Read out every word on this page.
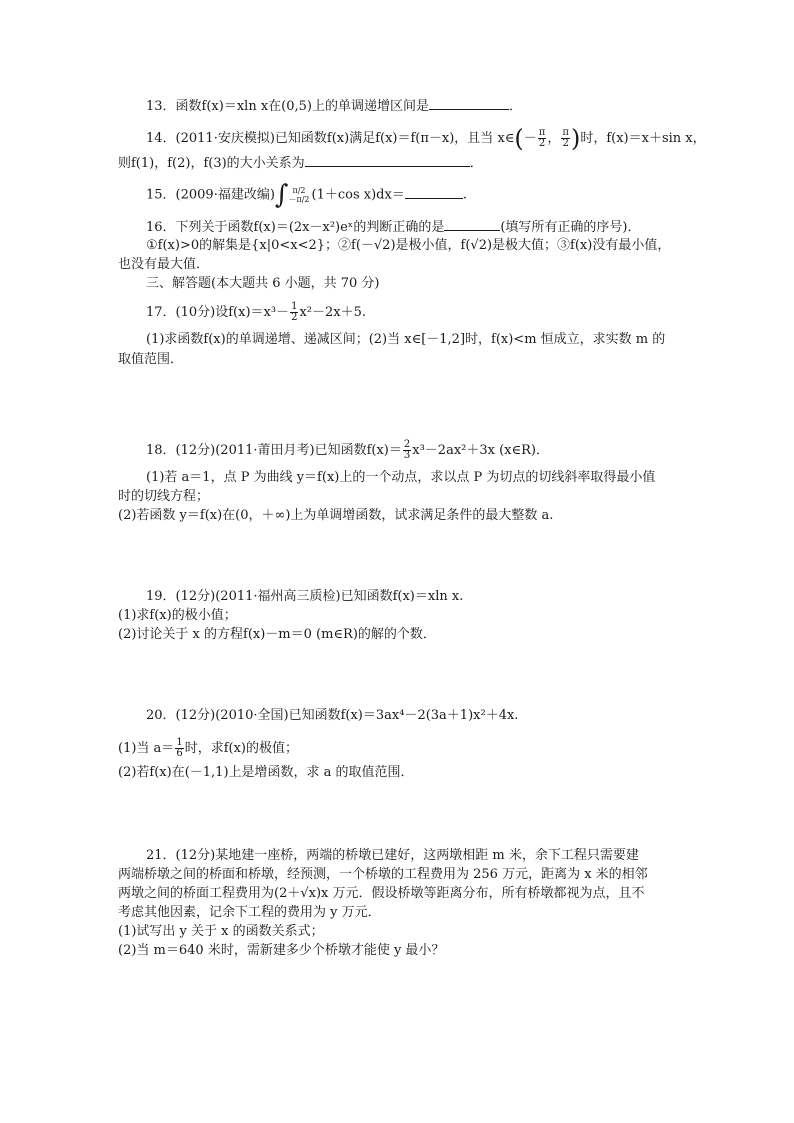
13．函数f(x)＝xln x在(0,5)上的单调递增区间是	．
14．(2011·安庆模拟)已知函数f(x)满足f(x)＝f(π－x)，且当 x∈(－ $\frac{\pi}{2}$ ， $\frac{\pi}{2}$ )时，f(x)＝x＋sin x，
则f(1)，f(2)，f(3)的大小关系为	．
15．(2009·福建改编)∫ π/2
－π/2 (1＋cos x)dx＝	.
16．下列关于函数f(x)＝(2x－x²)eˣ的判断正确的是	(填写所有正确的序号)．
①f(x)>0的解集是{x|0<x<2}；②f(－√2)是极小值，f(√2)是极大值；③f(x)没有最小值，
也没有最大值．
三、解答题(本大题共 6 小题，共 70 分)
17．(10分)设$f(x)=x^3- \frac{1}{2} x^2-2x+5$.
(1)求函数f(x)的单调递增、递减区间；(2)当 x∈[－1,2]时，f(x)<m 恒成立，求实数 m 的
取值范围．
18．(12分)(2011·莆田月考)已知函数$f(x)= \frac{2}{3} x^3-2ax^2+3x$ (x∈R)．
(1)若 a＝1，点 P 为曲线 y＝f(x)上的一个动点，求以点 P 为切点的切线斜率取得最小值
时的切线方程；
(2)若函数 y＝f(x)在(0，＋∞)上为单调增函数，试求满足条件的最大整数 a.
19．(12分)(2011·福州高三质检)已知函数f(x)＝xln x.
(1)求f(x)的极小值；
(2)讨论关于 x 的方程f(x)－m＝0 (m∈R)的解的个数．
20．(12分)(2010·全国)已知函数f(x)＝3ax⁴－2(3a＋1)x²＋4x.
(1)当 $a= \frac{1}{6}$ 时，求f(x)的极值；
(2)若f(x)在(－1,1)上是增函数，求 a 的取值范围．
21．(12分)某地建一座桥，两端的桥墩已建好，这两墩相距 m 米，余下工程只需要建
两端桥墩之间的桥面和桥墩，经预测，一个桥墩的工程费用为 256 万元，距离为 x 米的相邻
两墩之间的桥面工程费用为(2＋√x)x 万元．假设桥墩等距离分布，所有桥墩都视为点，且不
考虑其他因素，记余下工程的费用为 y 万元．
(1)试写出 y 关于 x 的函数关系式；
(2)当 m＝640 米时，需新建多少个桥墩才能使 y 最小？
